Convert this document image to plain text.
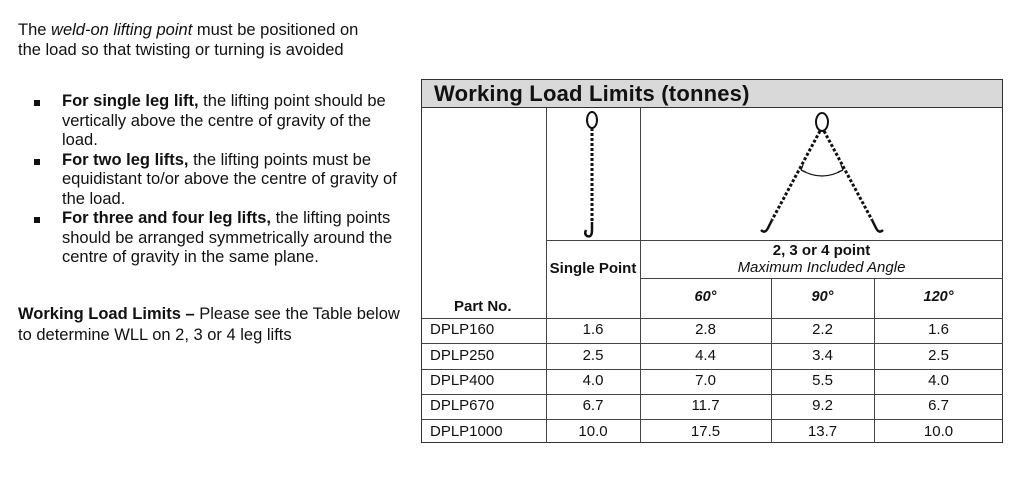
The weld-on lifting point must be positioned on

the load so that twisting or turning is avoided

For single leg lift, the lifting point should be vertically above the centre of gravity of the load.
For two leg lifts, the lifting points must be equidistant to/or above the centre of gravity of the load.
For three and four leg lifts, the lifting points should be arranged symmetrically around the centre of gravity in the same plane.
Working Load Limits – Please see the Table below to determine WLL on 2, 3 or 4 leg lifts
Working Load Limits (tonnes)
Single Point
2, 3 or 4 point
Maximum Included Angle
Part No.
60°	90°	120°
DPLP160	1.6	2.8	2.2	1.6
DPLP250	2.5	4.4	3.4	2.5
DPLP400	4.0	7.0	5.5	4.0
DPLP670	6.7	11.7	9.2	6.7
DPLP1000	10.0	17.5	13.7	10.0
